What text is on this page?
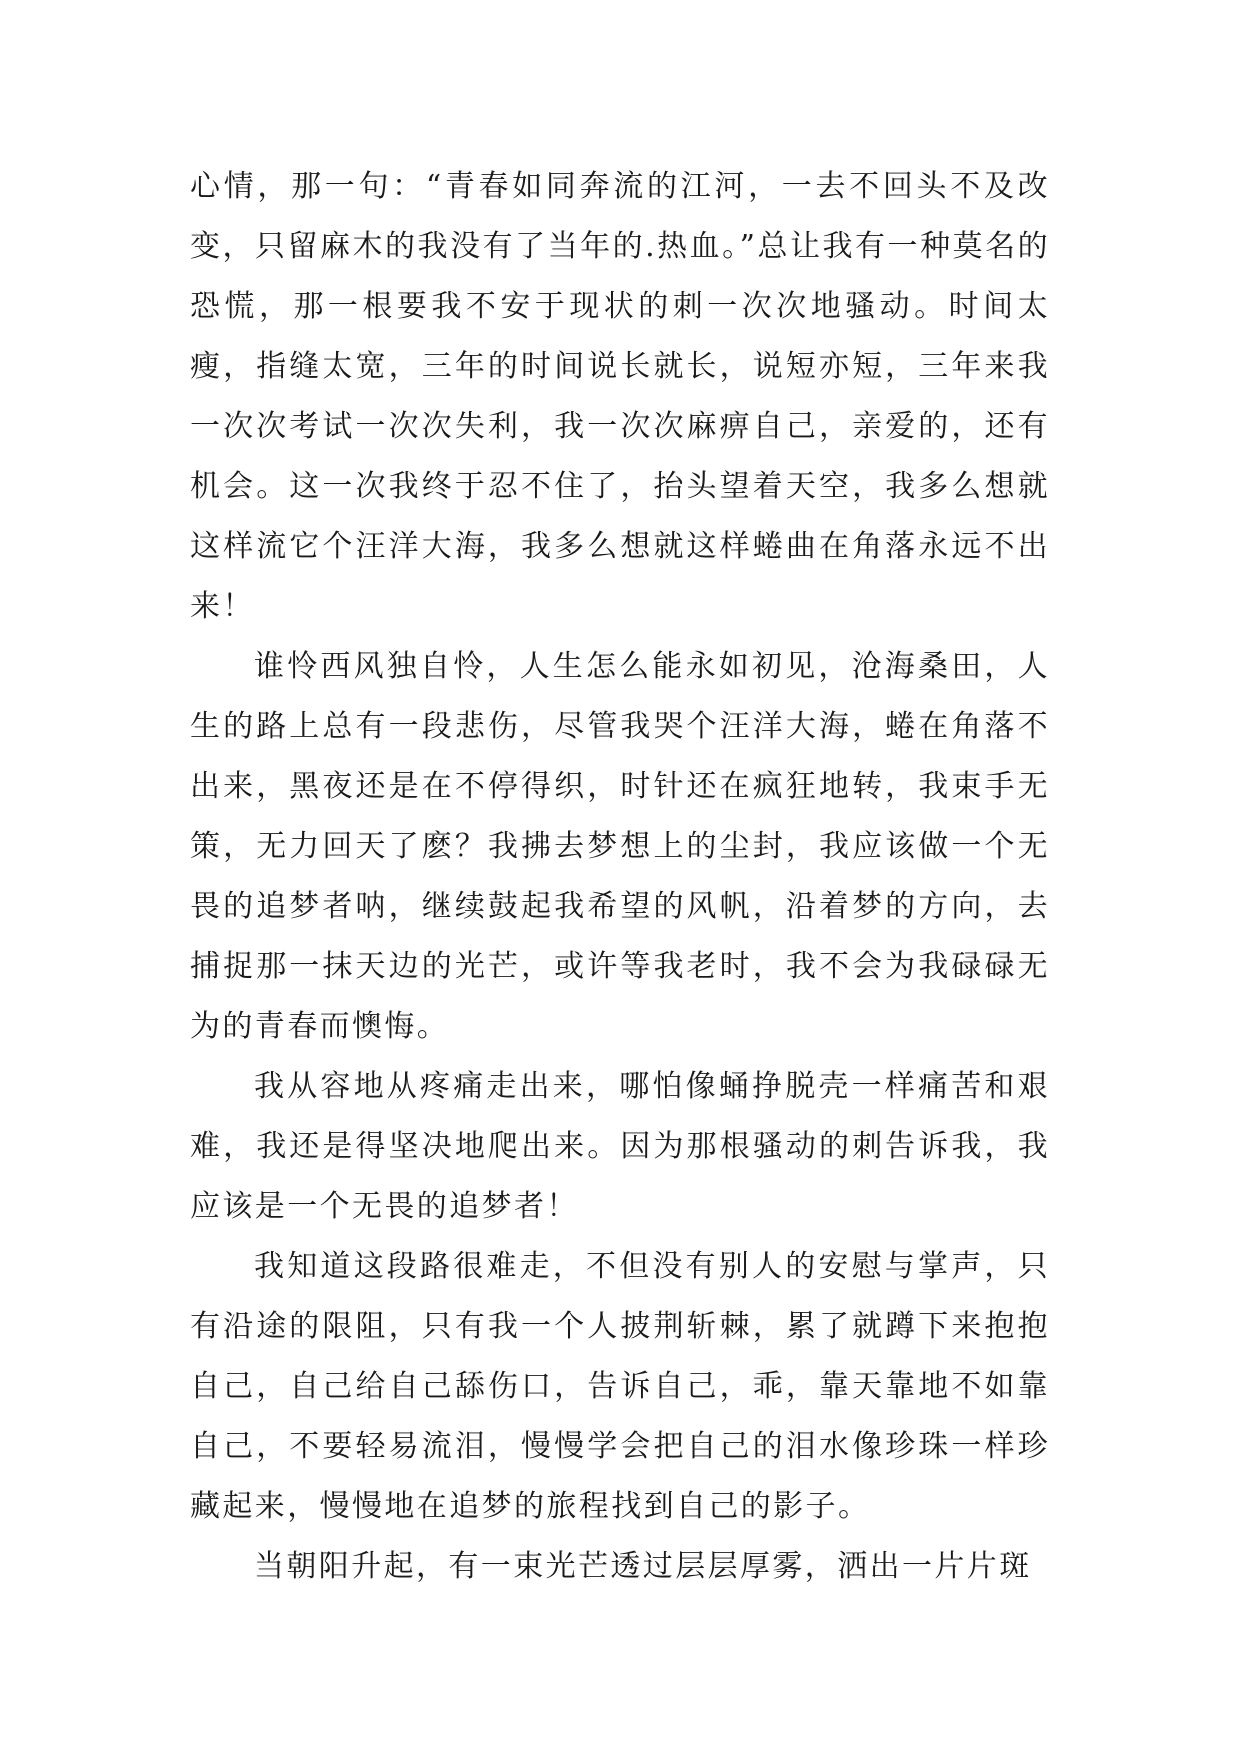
心情，那一句：“青春如同奔流的江河，一去不回头不及改变，只留麻木的我没有了当年的.热血。”总让我有一种莫名的恐慌，那一根要我不安于现状的刺一次次地骚动。时间太瘦，指缝太宽，三年的时间说长就长，说短亦短，三年来我一次次考试一次次失利，我一次次麻痹自己，亲爱的，还有机会。这一次我终于忍不住了，抬头望着天空，我多么想就这样流它个汪洋大海，我多么想就这样蜷曲在角落永远不出来！

谁怜西风独自怜，人生怎么能永如初见，沧海桑田，人生的路上总有一段悲伤，尽管我哭个汪洋大海，蜷在角落不出来，黑夜还是在不停得织，时针还在疯狂地转，我束手无策，无力回天了麽？我拂去梦想上的尘封，我应该做一个无畏的追梦者呐，继续鼓起我希望的风帆，沿着梦的方向，去捕捉那一抹天边的光芒，或许等我老时，我不会为我碌碌无为的青春而懊悔。

我从容地从疼痛走出来，哪怕像蛹挣脱壳一样痛苦和艰难，我还是得坚决地爬出来。因为那根骚动的刺告诉我，我应该是一个无畏的追梦者！

我知道这段路很难走，不但没有别人的安慰与掌声，只有沿途的限阻，只有我一个人披荆斩棘，累了就蹲下来抱抱自己，自己给自己舔伤口，告诉自己，乖，靠天靠地不如靠自己，不要轻易流泪，慢慢学会把自己的泪水像珍珠一样珍藏起来，慢慢地在追梦的旅程找到自己的影子。

当朝阳升起，有一束光芒透过层层厚雾，洒出一片片斑
